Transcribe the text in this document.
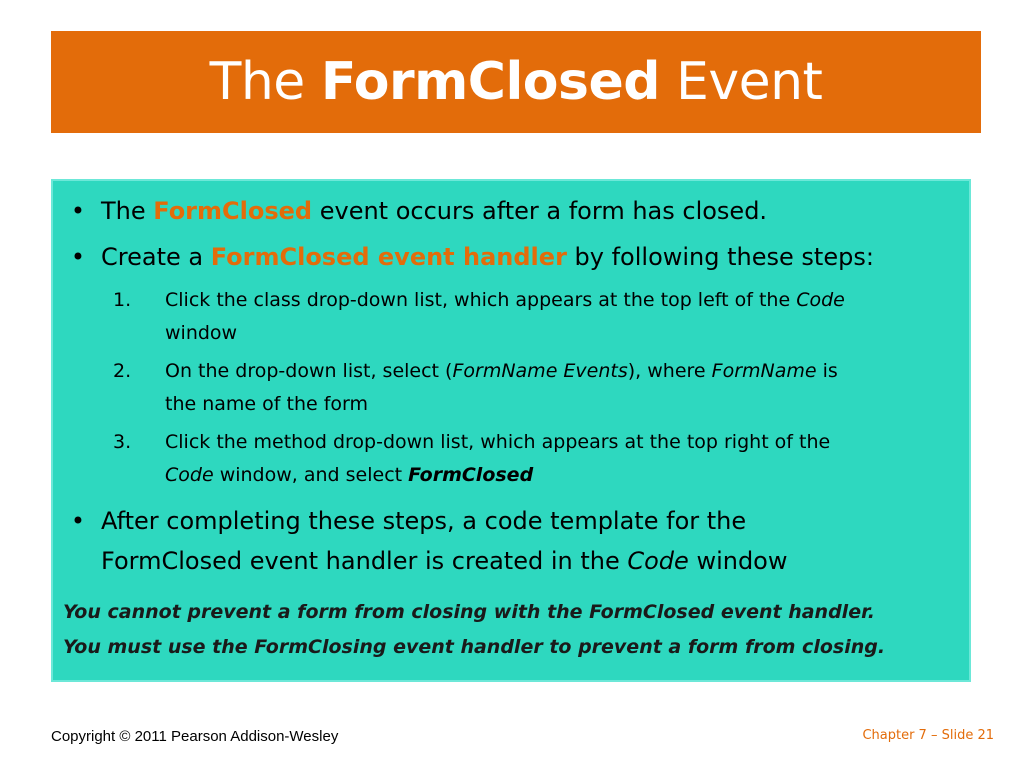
The FormClosed Event
• The FormClosed event occurs after a form has closed.
• Create a FormClosed event handler by following these steps:
1. Click the class drop-down list, which appears at the top left of the Code
window
2. On the drop-down list, select (FormName Events), where FormName is
the name of the form
3. Click the method drop-down list, which appears at the top right of the
Code window, and select FormClosed
• After completing these steps, a code template for the
FormClosed event handler is created in the Code window

You cannot prevent a form from closing with the FormClosed event handler.
You must use the FormClosing event handler to prevent a form from closing.

Copyright © 2011 Pearson Addison-Wesley	Chapter 7 – Slide 21
